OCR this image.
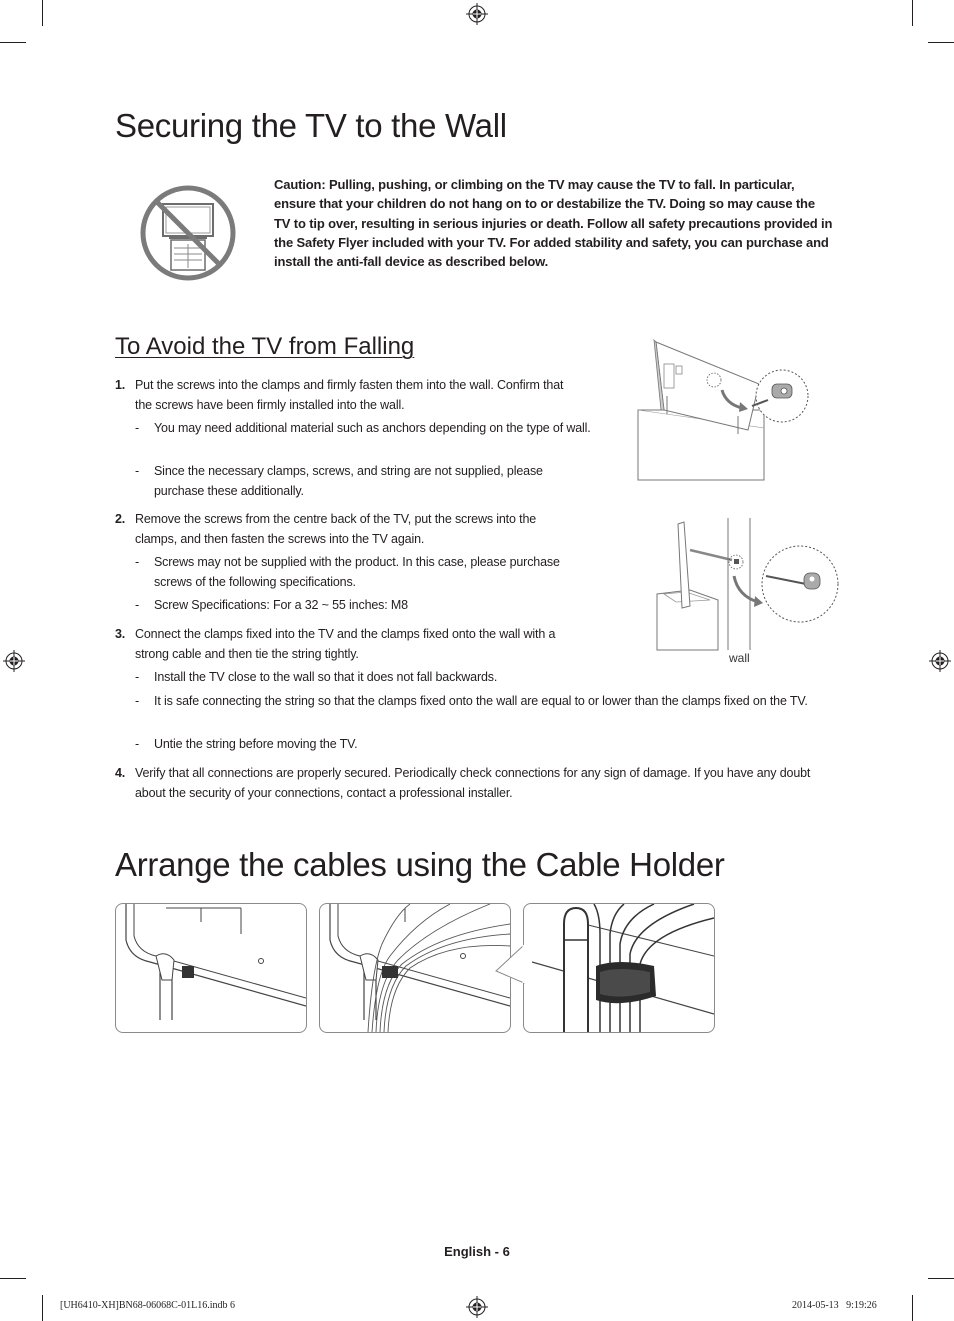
Securing the TV to the Wall
Caution: Pulling, pushing, or climbing on the TV may cause the TV to fall. In particular, ensure that your children do not hang on to or destabilize the TV. Doing so may cause the TV to tip over, resulting in serious injuries or death. Follow all safety precautions provided in the Safety Flyer included with your TV. For added stability and safety, you can purchase and install the anti-fall device as described below.
To Avoid the TV from Falling
1. Put the screws into the clamps and firmly fasten them into the wall. Confirm that the screws have been firmly installed into the wall.
- You may need additional material such as anchors depending on the type of wall.
- Since the necessary clamps, screws, and string are not supplied, please purchase these additionally.
2. Remove the screws from the centre back of the TV, put the screws into the clamps, and then fasten the screws into the TV again.
- Screws may not be supplied with the product. In this case, please purchase screws of the following specifications.
- Screw Specifications: For a 32 ~ 55 inches: M8
3. Connect the clamps fixed into the TV and the clamps fixed onto the wall with a strong cable and then tie the string tightly.
- Install the TV close to the wall so that it does not fall backwards.
- It is safe connecting the string so that the clamps fixed onto the wall are equal to or lower than the clamps fixed on the TV.
- Untie the string before moving the TV.
4. Verify that all connections are properly secured. Periodically check connections for any sign of damage. If you have any doubt about the security of your connections, contact a professional installer.
wall
Arrange the cables using the Cable Holder
English - 6
[UH6410-XH]BN68-06068C-01L16.indb 6	2014-05-13   9:19:26
